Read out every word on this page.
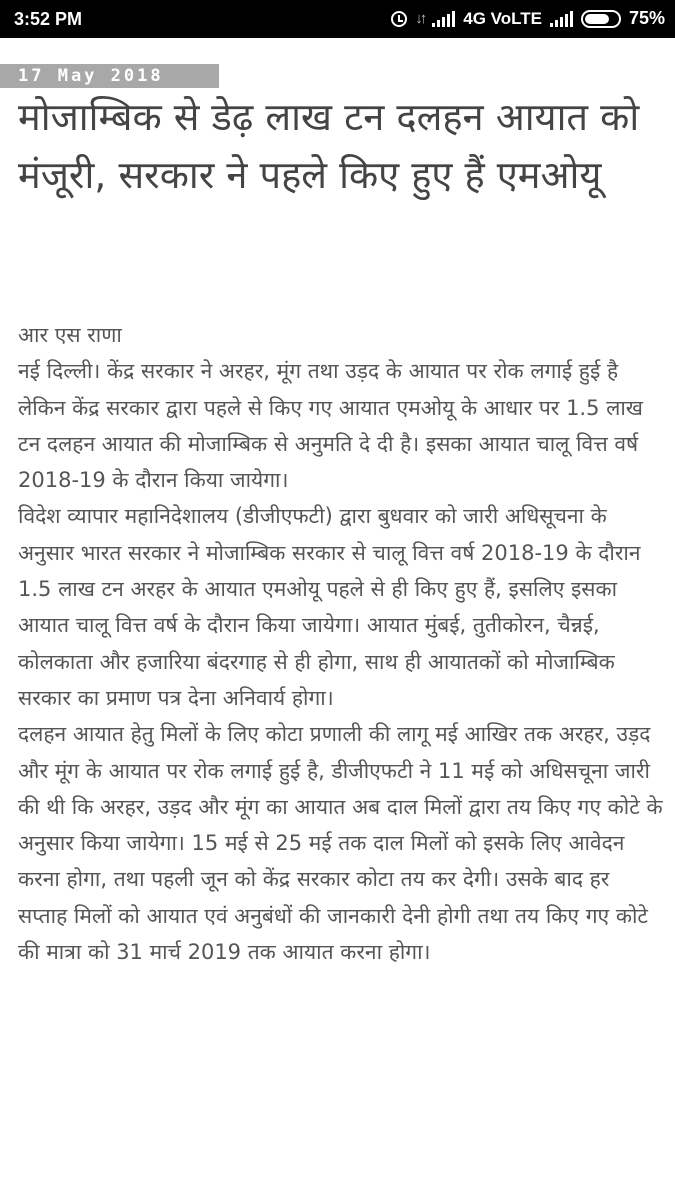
3:52 PM	↓↑ 4G VoLTE	75%
17 May 2018
मोजाम्बिक से डेढ़ लाख टन दलहन आयात को मंजूरी, सरकार ने पहले किए हुए हैं एमओयू

आर एस राणा

नई दिल्ली। केंद्र सरकार ने अरहर, मूंग तथा उड़द के आयात पर रोक लगाई हुई है लेकिन केंद्र सरकार द्वारा पहले से किए गए आयात एमओयू के आधार पर 1.5 लाख टन दलहन आयात की मोजाम्बिक से अनुमति दे दी है। इसका आयात चालू वित्त वर्ष 2018-19 के दौरान किया जायेगा।

विदेश व्यापार महानिदेशालय (डीजीएफटी) द्वारा बुधवार को जारी अधिसूचना के अनुसार भारत सरकार ने मोजाम्बिक सरकार से चालू वित्त वर्ष 2018-19 के दौरान 1.5 लाख टन अरहर के आयात एमओयू पहले से ही किए हुए हैं, इसलिए इसका आयात चालू वित्त वर्ष के दौरान किया जायेगा। आयात मुंबई, तुतीकोरन, चैन्नई, कोलकाता और हजारिया बंदरगाह से ही होगा, साथ ही आयातकों को मोजाम्बिक सरकार का प्रमाण पत्र देना अनिवार्य होगा।

दलहन आयात हेतु मिलों के लिए कोटा प्रणाली की लागू मई आखिर तक अरहर, उड़द और मूंग के आयात पर रोक लगाई हुई है, डीजीएफटी ने 11 मई को अधिसचूना जारी की थी कि अरहर, उड़द और मूंग का आयात अब दाल मिलों द्वारा तय किए गए कोटे के अनुसार किया जायेगा। 15 मई से 25 मई तक दाल मिलों को इसके लिए आवेदन करना होगा, तथा पहली जून को केंद्र सरकार कोटा तय कर देगी। उसके बाद हर सप्ताह मिलों को आयात एवं अनुबंधों की जानकारी देनी होगी तथा तय किए गए कोटे की मात्रा को 31 मार्च 2019 तक आयात करना होगा।
